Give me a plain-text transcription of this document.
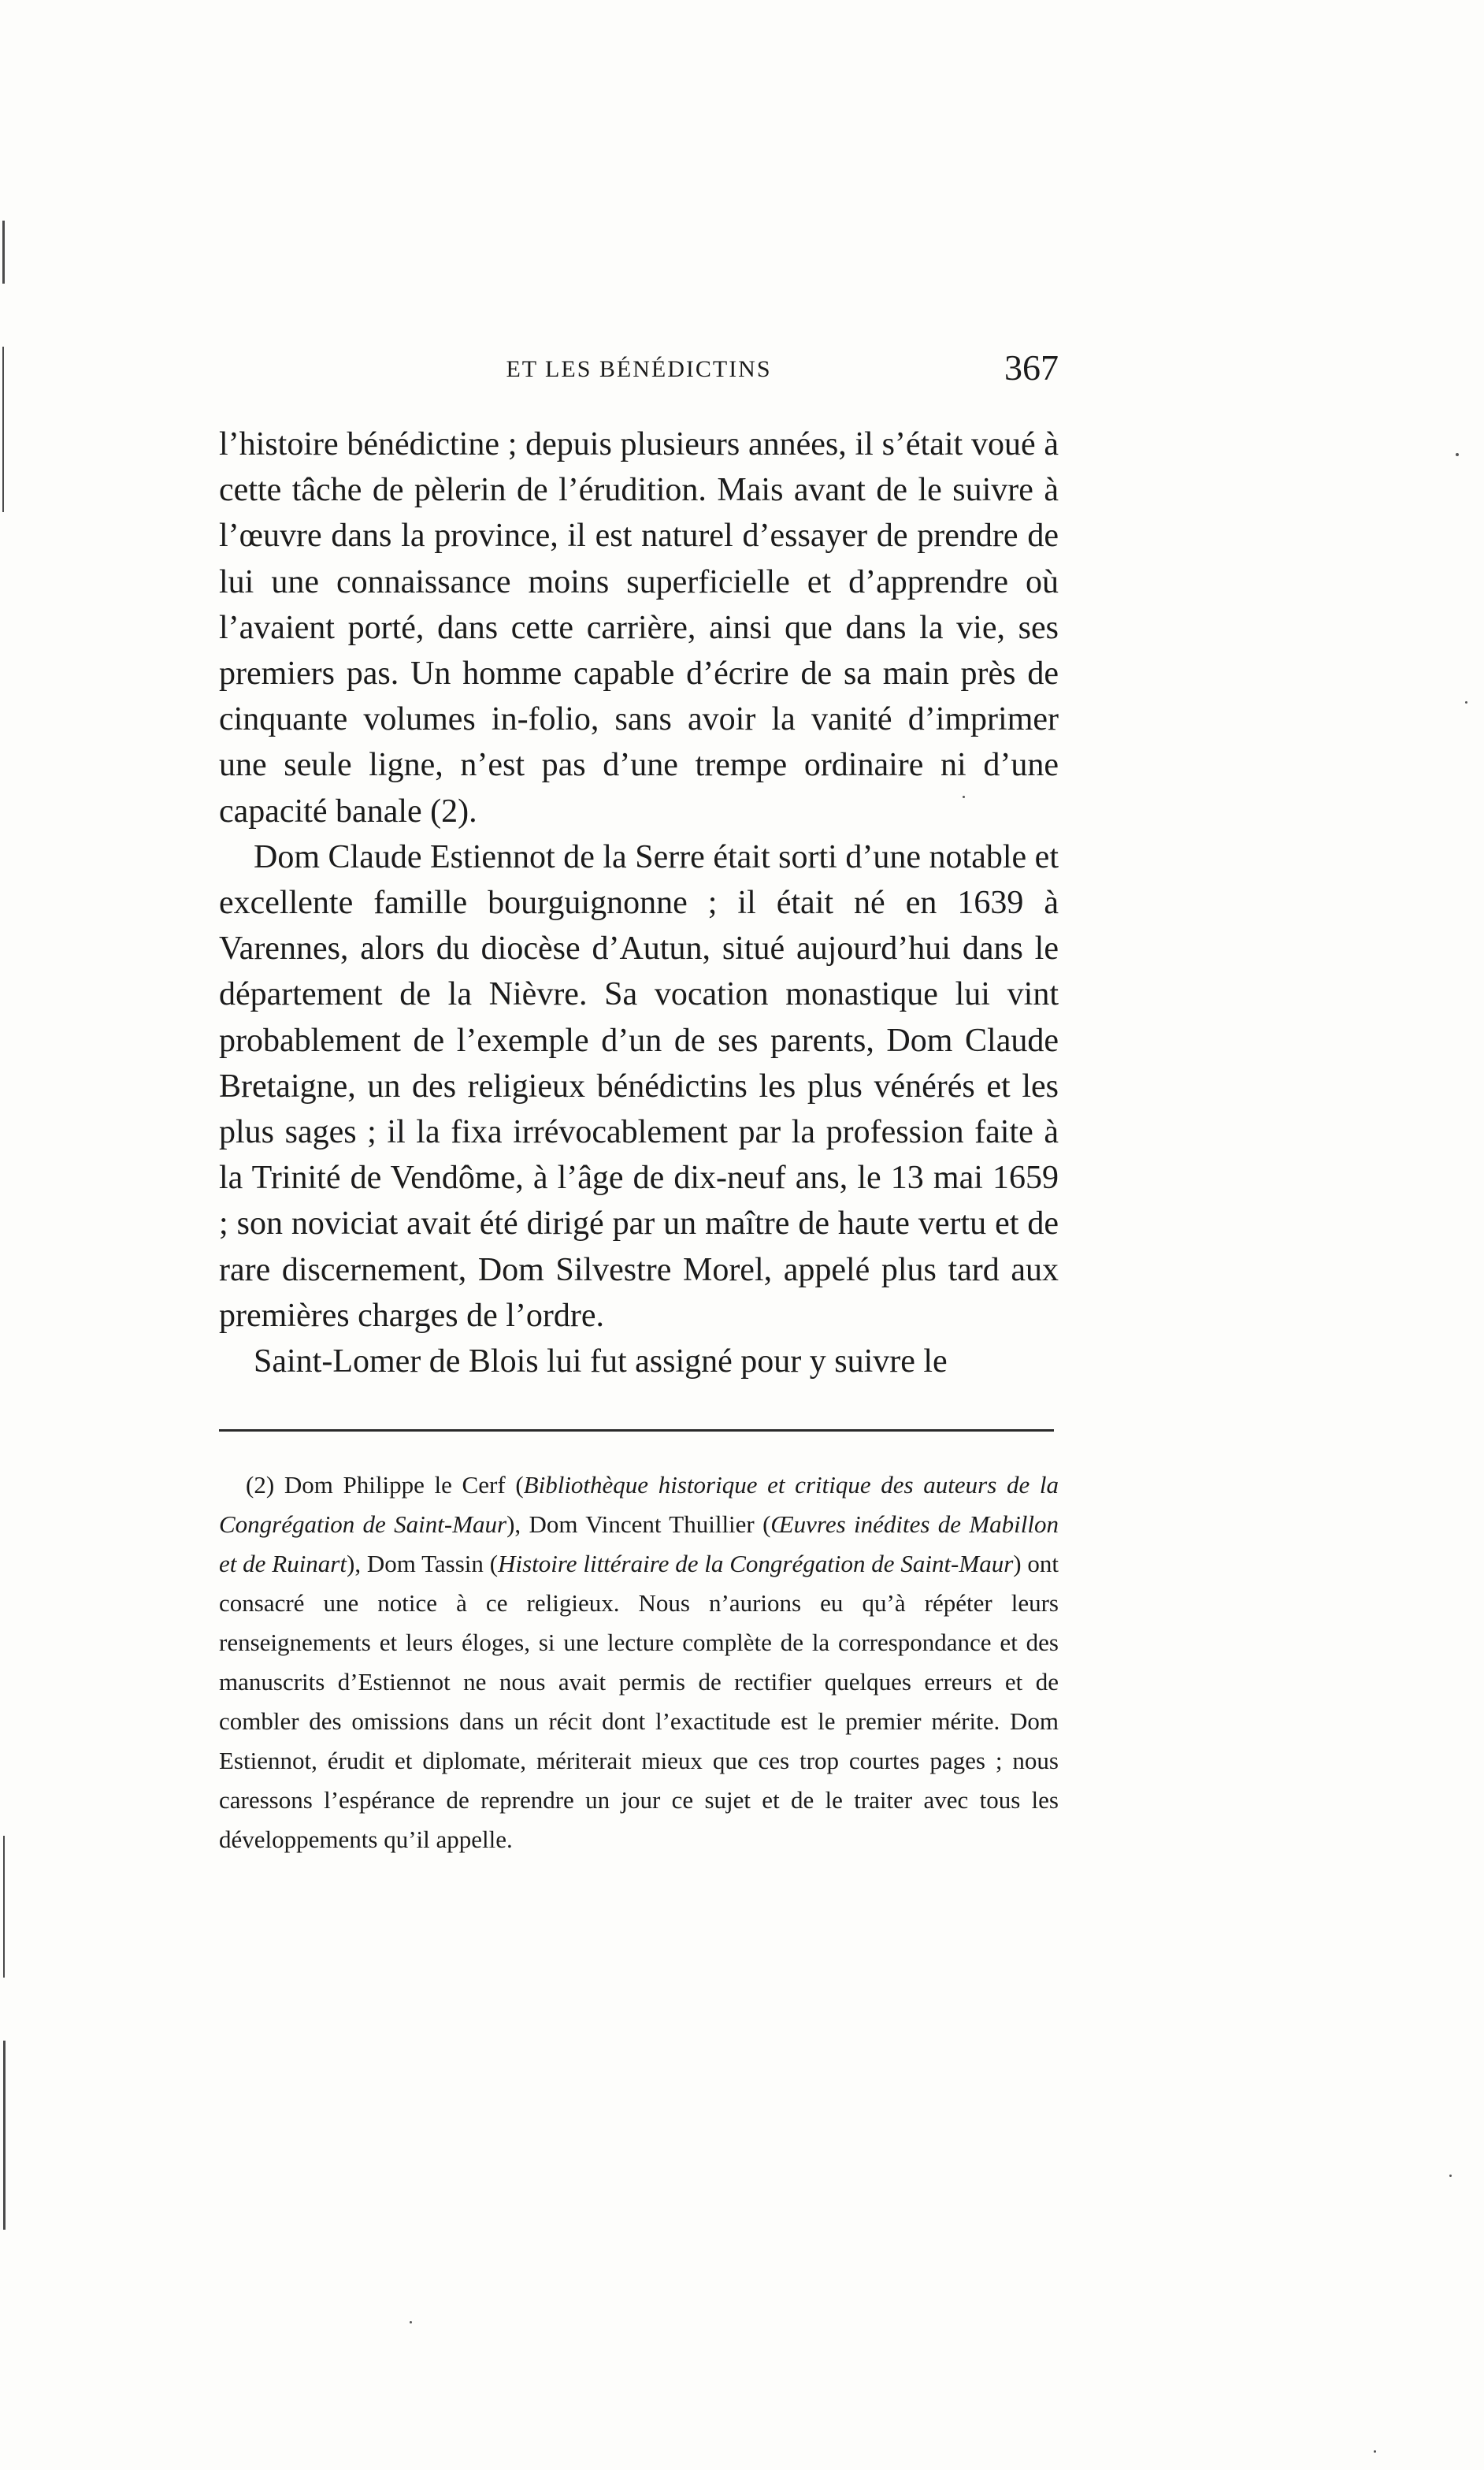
ET LES BÉNÉDICTINS	367

l’histoire bénédictine ; depuis plusieurs années, il s’était voué à cette tâche de pèlerin de l’érudition. Mais avant de le suivre à l’œuvre dans la province, il est naturel d’essayer de prendre de lui une connaissance moins superficielle et d’apprendre où l’avaient porté, dans cette carrière, ainsi que dans la vie, ses premiers pas. Un homme capable d’écrire de sa main près de cinquante volumes in-folio, sans avoir la vanité d’imprimer une seule ligne, n’est pas d’une trempe ordinaire ni d’une capacité banale (2).

Dom Claude Estiennot de la Serre était sorti d’une notable et excellente famille bourguignonne ; il était né en 1639 à Varennes, alors du diocèse d’Autun, situé aujourd’hui dans le département de la Nièvre. Sa vocation monastique lui vint probablement de l’exemple d’un de ses parents, Dom Claude Bretaigne, un des religieux bénédictins les plus vénérés et les plus sages ; il la fixa irrévocablement par la profession faite à la Trinité de Vendôme, à l’âge de dix-neuf ans, le 13 mai 1659 ; son noviciat avait été dirigé par un maître de haute vertu et de rare discernement, Dom Silvestre Morel, appelé plus tard aux premières charges de l’ordre.

Saint-Lomer de Blois lui fut assigné pour y suivre le

(2) Dom Philippe le Cerf (Bibliothèque historique et critique des auteurs de la Congrégation de Saint-Maur), Dom Vincent Thuillier (Œuvres inédites de Mabillon et de Ruinart), Dom Tassin (Histoire littéraire de la Congrégation de Saint-Maur) ont consacré une notice à ce religieux. Nous n’aurions eu qu’à répéter leurs renseignements et leurs éloges, si une lecture complète de la correspondance et des manuscrits d’Estiennot ne nous avait permis de rectifier quelques erreurs et de combler des omissions dans un récit dont l’exactitude est le premier mérite. Dom Estiennot, érudit et diplomate, mériterait mieux que ces trop courtes pages ; nous caressons l’espérance de reprendre un jour ce sujet et de le traiter avec tous les développements qu’il appelle.
